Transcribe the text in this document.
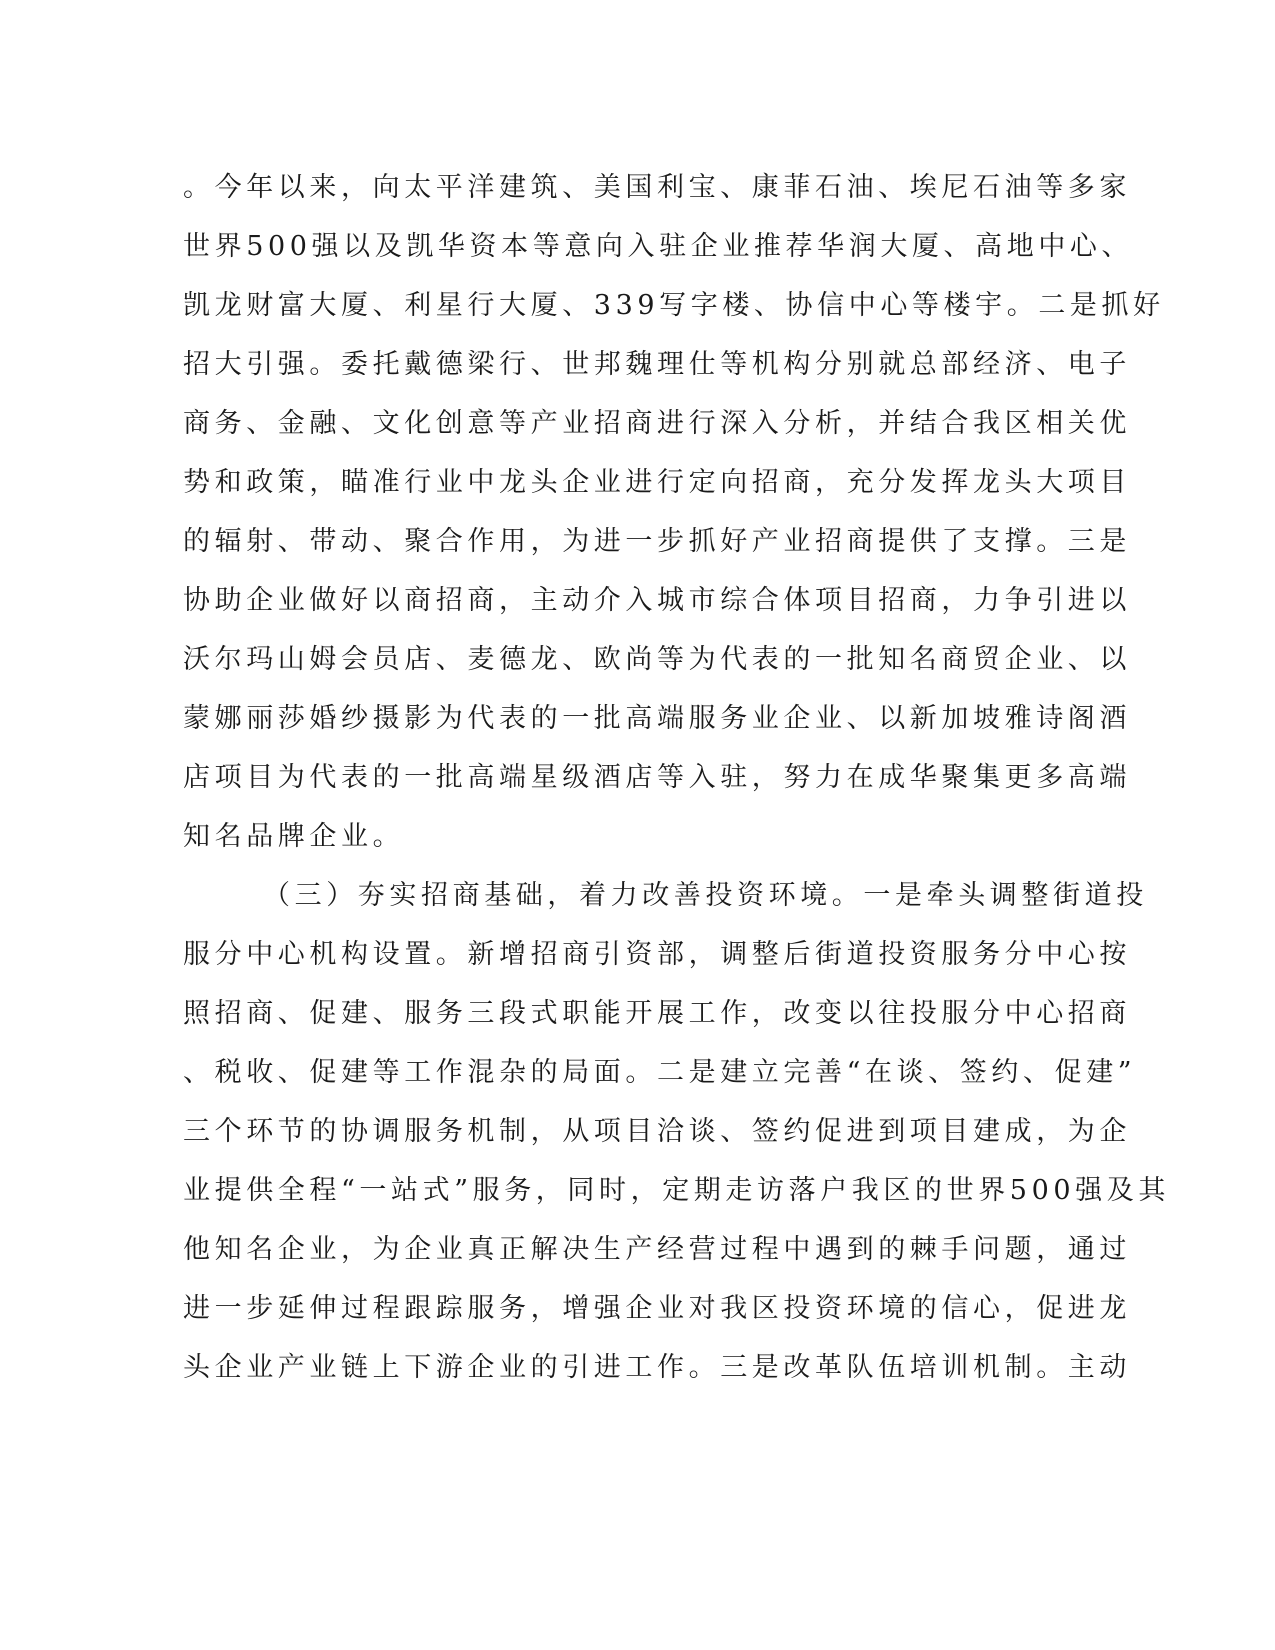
。今年以来，向太平洋建筑、美国利宝、康菲石油、埃尼石油等多家
世界500强以及凯华资本等意向入驻企业推荐华润大厦、高地中心、
凯龙财富大厦、利星行大厦、339写字楼、协信中心等楼宇。二是抓好
招大引强。委托戴德梁行、世邦魏理仕等机构分别就总部经济、电子
商务、金融、文化创意等产业招商进行深入分析，并结合我区相关优
势和政策，瞄准行业中龙头企业进行定向招商，充分发挥龙头大项目
的辐射、带动、聚合作用，为进一步抓好产业招商提供了支撑。三是
协助企业做好以商招商，主动介入城市综合体项目招商，力争引进以
沃尔玛山姆会员店、麦德龙、欧尚等为代表的一批知名商贸企业、以
蒙娜丽莎婚纱摄影为代表的一批高端服务业企业、以新加坡雅诗阁酒
店项目为代表的一批高端星级酒店等入驻，努力在成华聚集更多高端
知名品牌企业。
（三）夯实招商基础，着力改善投资环境。一是牵头调整街道投
服分中心机构设置。新增招商引资部，调整后街道投资服务分中心按
照招商、促建、服务三段式职能开展工作，改变以往投服分中心招商
、税收、促建等工作混杂的局面。二是建立完善“在谈、签约、促建”
三个环节的协调服务机制，从项目洽谈、签约促进到项目建成，为企
业提供全程“一站式”服务，同时，定期走访落户我区的世界500强及其
他知名企业，为企业真正解决生产经营过程中遇到的棘手问题，通过
进一步延伸过程跟踪服务，增强企业对我区投资环境的信心，促进龙
头企业产业链上下游企业的引进工作。三是改革队伍培训机制。主动
